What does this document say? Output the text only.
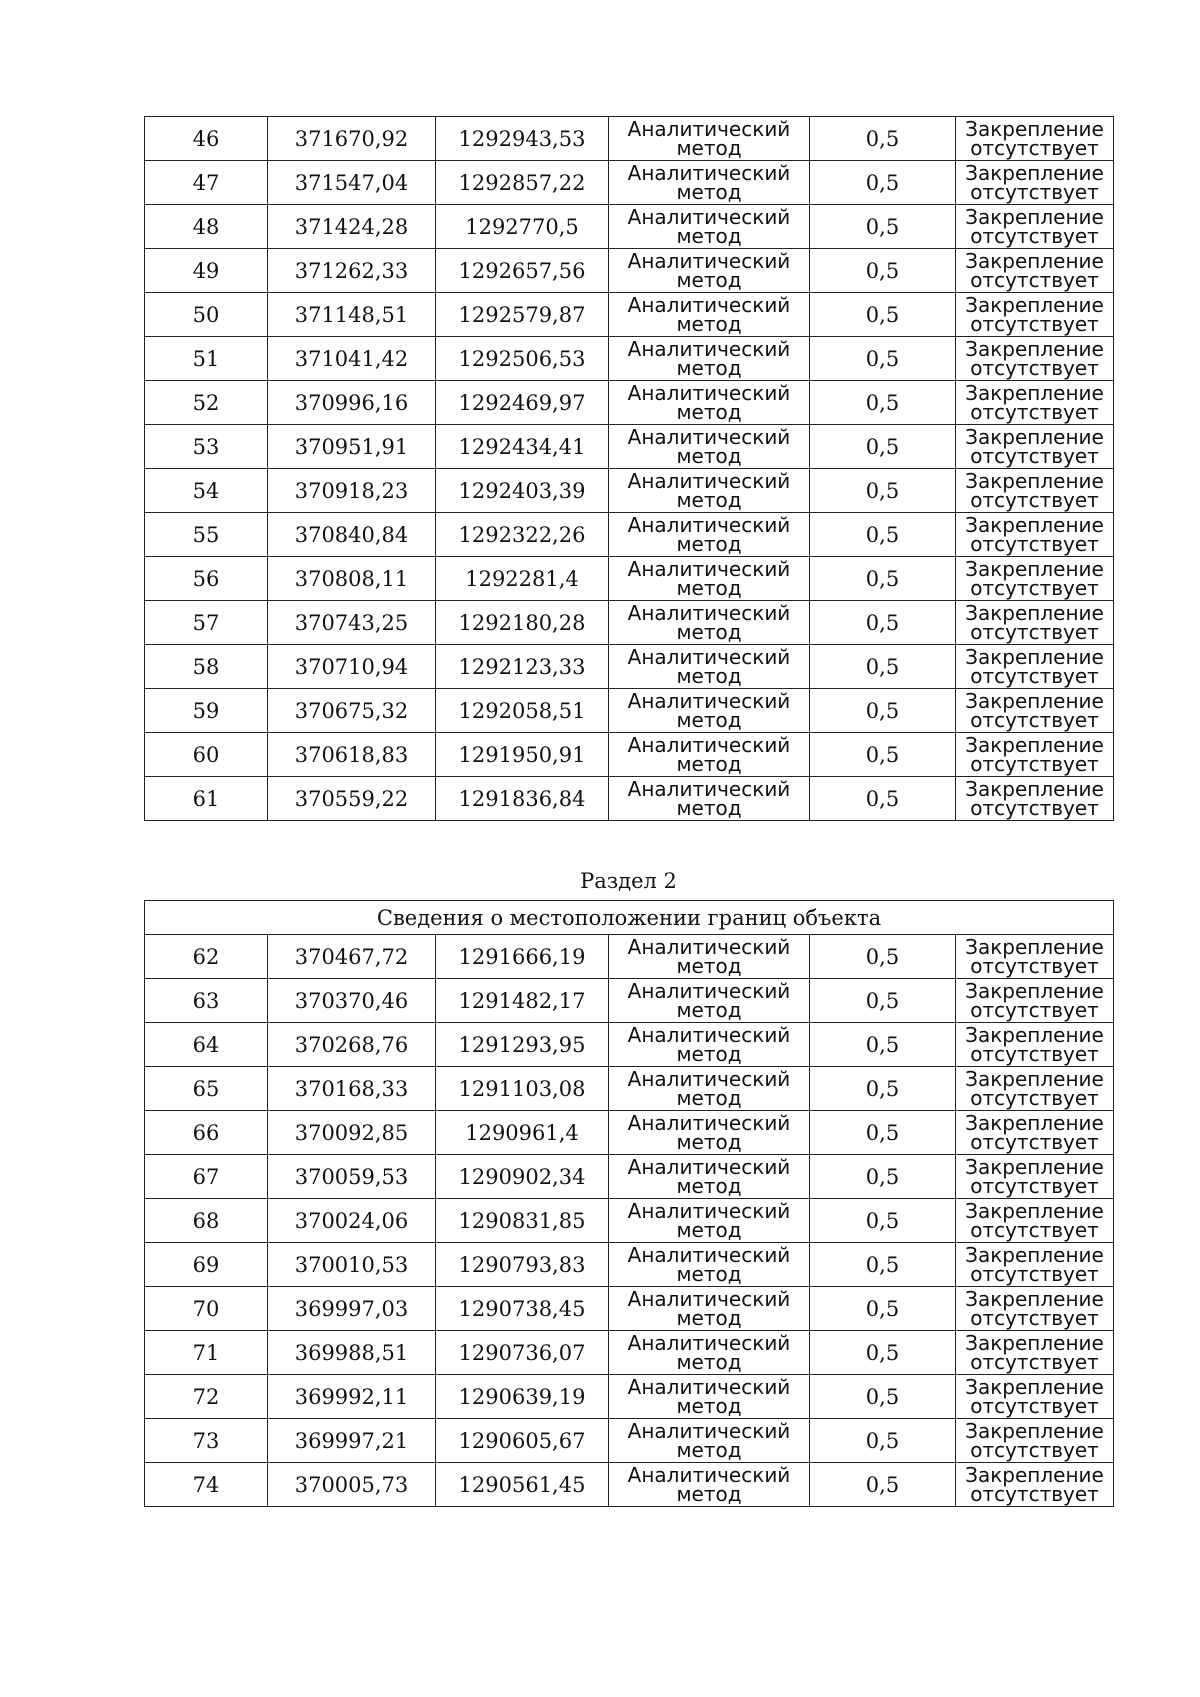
46	371670,92	1292943,53	Аналитический
метод	0,5	Закрепление
отсутствует

47	371547,04	1292857,22	Аналитический
метод	0,5	Закрепление
отсутствует

48	371424,28	1292770,5	Аналитический
метод	0,5	Закрепление
отсутствует

49	371262,33	1292657,56	Аналитический
метод	0,5	Закрепление
отсутствует

50	371148,51	1292579,87	Аналитический
метод	0,5	Закрепление
отсутствует

51	371041,42	1292506,53	Аналитический
метод	0,5	Закрепление
отсутствует

52	370996,16	1292469,97	Аналитический
метод	0,5	Закрепление
отсутствует

53	370951,91	1292434,41	Аналитический
метод	0,5	Закрепление
отсутствует

54	370918,23	1292403,39	Аналитический
метод	0,5	Закрепление
отсутствует

55	370840,84	1292322,26	Аналитический
метод	0,5	Закрепление
отсутствует

56	370808,11	1292281,4	Аналитический
метод	0,5	Закрепление
отсутствует

57	370743,25	1292180,28	Аналитический
метод	0,5	Закрепление
отсутствует

58	370710,94	1292123,33	Аналитический
метод	0,5	Закрепление
отсутствует

59	370675,32	1292058,51	Аналитический
метод	0,5	Закрепление
отсутствует

60	370618,83	1291950,91	Аналитический
метод	0,5	Закрепление
отсутствует

61	370559,22	1291836,84	Аналитический
метод	0,5	Закрепление
отсутствует
Раздел 2
Сведения о местоположении границ объекта					
62	370467,72	1291666,19	Аналитический
метод	0,5	Закрепление
отсутствует

63	370370,46	1291482,17	Аналитический
метод	0,5	Закрепление
отсутствует

64	370268,76	1291293,95	Аналитический
метод	0,5	Закрепление
отсутствует

65	370168,33	1291103,08	Аналитический
метод	0,5	Закрепление
отсутствует

66	370092,85	1290961,4	Аналитический
метод	0,5	Закрепление
отсутствует

67	370059,53	1290902,34	Аналитический
метод	0,5	Закрепление
отсутствует

68	370024,06	1290831,85	Аналитический
метод	0,5	Закрепление
отсутствует

69	370010,53	1290793,83	Аналитический
метод	0,5	Закрепление
отсутствует

70	369997,03	1290738,45	Аналитический
метод	0,5	Закрепление
отсутствует

71	369988,51	1290736,07	Аналитический
метод	0,5	Закрепление
отсутствует

72	369992,11	1290639,19	Аналитический
метод	0,5	Закрепление
отсутствует

73	369997,21	1290605,67	Аналитический
метод	0,5	Закрепление
отсутствует

74	370005,73	1290561,45	Аналитический
метод	0,5	Закрепление
отсутствует
